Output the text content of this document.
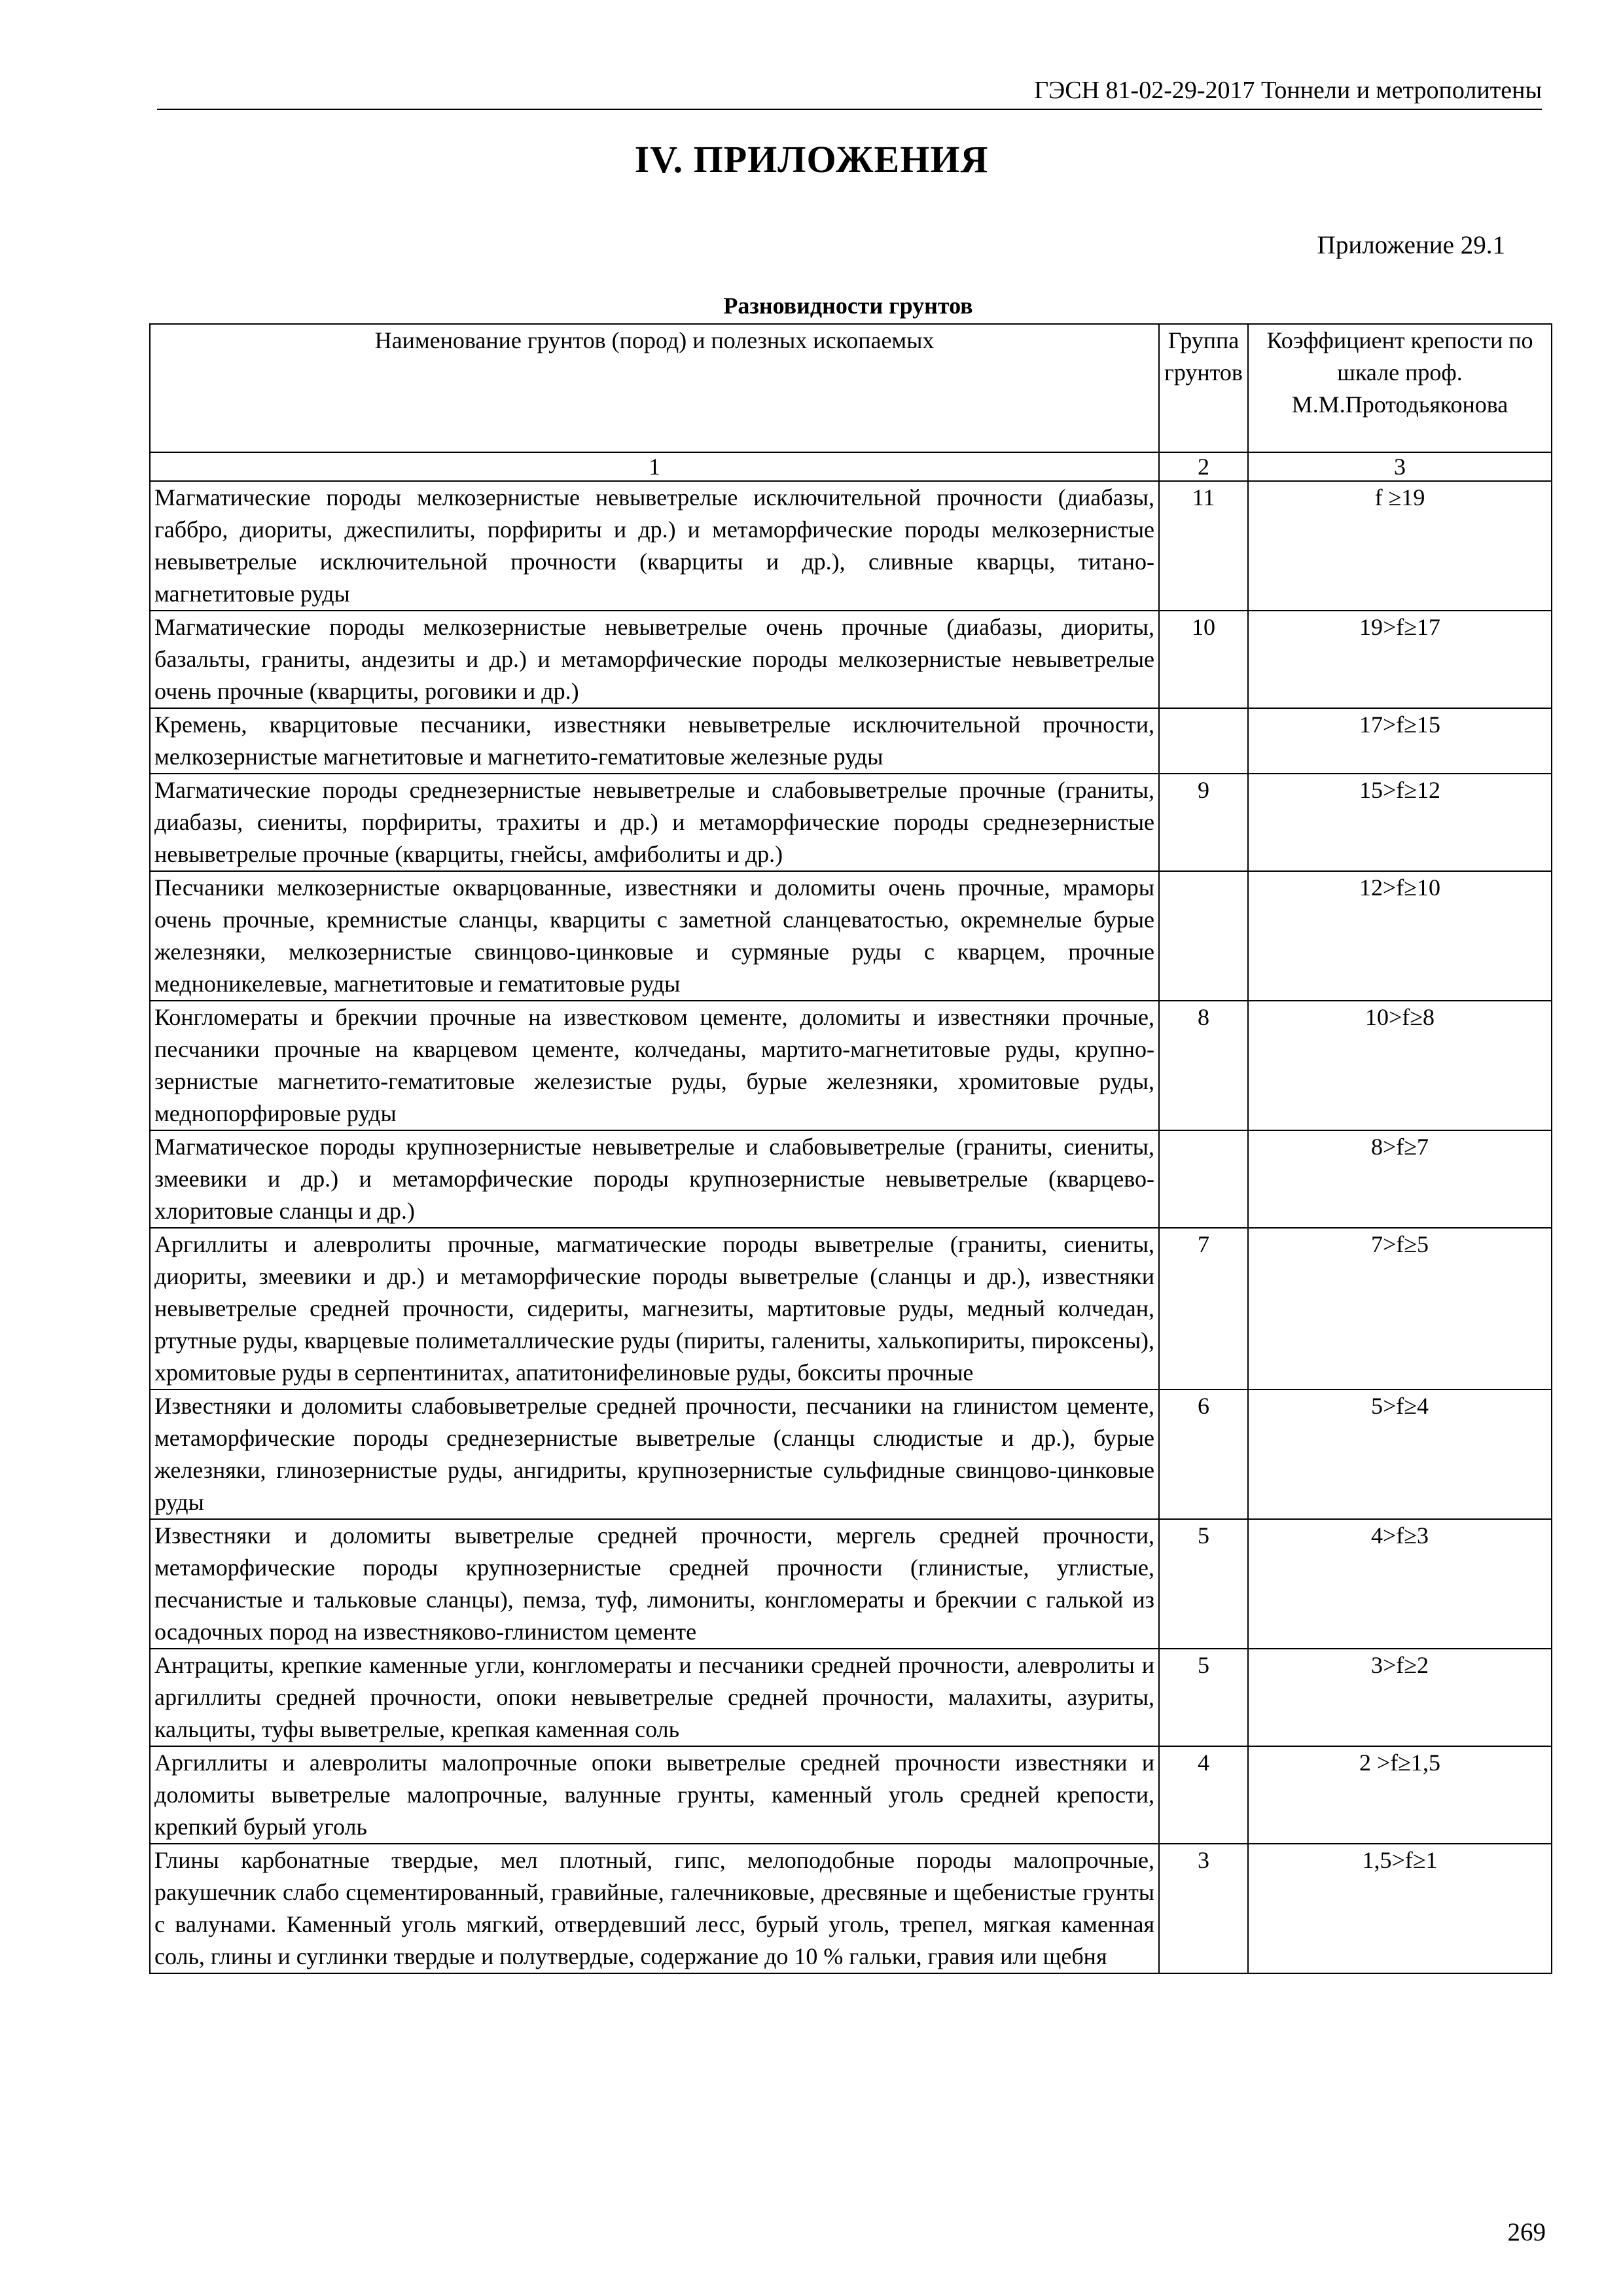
ГЭСН 81-02-29-2017 Тоннели и метрополитены
IV. ПРИЛОЖЕНИЯ
Приложение 29.1
Разновидности грунтов
Наименование грунтов (пород) и полезных ископаемых	Группа грунтов	Коэффициент крепости по шкале проф. М.М.Протодьяконова
1	2	3
Магматические породы мелкозернистые невыветрелые исключительной прочности (диабазы, габбро, диориты, джеспилиты, порфириты и др.) и метаморфические породы мелкозернистые невыветрелые исключительной прочности (кварциты и др.), сливные кварцы, титано-магнетитовые руды	11	f ≥19
Магматические породы мелкозернистые невыветрелые очень прочные (диабазы, диориты, базальты, граниты, андезиты и др.) и метаморфические породы мелкозернистые невыветрелые очень прочные (кварциты, роговики и др.)	10	19>f≥17
Кремень, кварцитовые песчаники, известняки невыветрелые исключительной прочности, мелкозернистые магнетитовые и магнетито-гематитовые железные руды		17>f≥15
Магматические породы среднезернистые невыветрелые и слабовыветрелые прочные (граниты, диабазы, сиениты, порфириты, трахиты и др.) и метаморфические породы среднезернистые невыветрелые прочные (кварциты, гнейсы, амфиболиты и др.)	9	15>f≥12
Песчаники мелкозернистые окварцованные, известняки и доломиты очень прочные, мраморы очень прочные, кремнистые сланцы, кварциты с заметной сланцеватостью, окремнелые бурые железняки, мелкозернистые свинцово-цинковые и сурмяные руды с кварцем, прочные медноникелевые, магнетитовые и гематитовые руды		12>f≥10
Конгломераты и брекчии прочные на известковом цементе, доломиты и известняки прочные, песчаники прочные на кварцевом цементе, колчеданы, мартито-магнетитовые руды, крупно-зернистые магнетито-гематитовые железистые руды, бурые железняки, хромитовые руды, меднопорфировые руды	8	10>f≥8
Магматическое породы крупнозернистые невыветрелые и слабовыветрелые (граниты, сиениты, змеевики и др.) и метаморфические породы крупнозернистые невыветрелые (кварцево-хлоритовые сланцы и др.)		8>f≥7
Аргиллиты и алевролиты прочные, магматические породы выветрелые (граниты, сиениты, диориты, змеевики и др.) и метаморфические породы выветрелые (сланцы и др.), известняки невыветрелые средней прочности, сидериты, магнезиты, мартитовые руды, медный колчедан, ртутные руды, кварцевые полиметаллические руды (пириты, галениты, халькопириты, пироксены), хромитовые руды в серпентинитах, апатитонифелиновые руды, бокситы прочные	7	7>f≥5
Известняки и доломиты слабовыветрелые средней прочности, песчаники на глинистом цементе, метаморфические породы среднезернистые выветрелые (сланцы слюдистые и др.), бурые железняки, глинозернистые руды, ангидриты, крупнозернистые сульфидные свинцово-цинковые руды	6	5>f≥4
Известняки и доломиты выветрелые средней прочности, мергель средней прочности, метаморфические породы крупнозернистые средней прочности (глинистые, углистые, песчанистые и тальковые сланцы), пемза, туф, лимониты, конгломераты и брекчии с галькой из осадочных пород на известняково-глинистом цементе	5	4>f≥3
Антрациты, крепкие каменные угли, конгломераты и песчаники средней прочности, алевролиты и аргиллиты средней прочности, опоки невыветрелые средней прочности, малахиты, азуриты, кальциты, туфы выветрелые, крепкая каменная соль	5	3>f≥2
Аргиллиты и алевролиты малопрочные опоки выветрелые средней прочности известняки и доломиты выветрелые малопрочные, валунные грунты, каменный уголь средней крепости, крепкий бурый уголь	4	2 >f≥1,5
Глины карбонатные твердые, мел плотный, гипс, мелоподобные породы малопрочные, ракушечник слабо сцементированный, гравийные, галечниковые, дресвяные и щебенистые грунты с валунами. Каменный уголь мягкий, отвердевший лесс, бурый уголь, трепел, мягкая каменная соль, глины и суглинки твердые и полутвердые, содержание до 10 % гальки, гравия или щебня	3	1,5>f≥1
269
